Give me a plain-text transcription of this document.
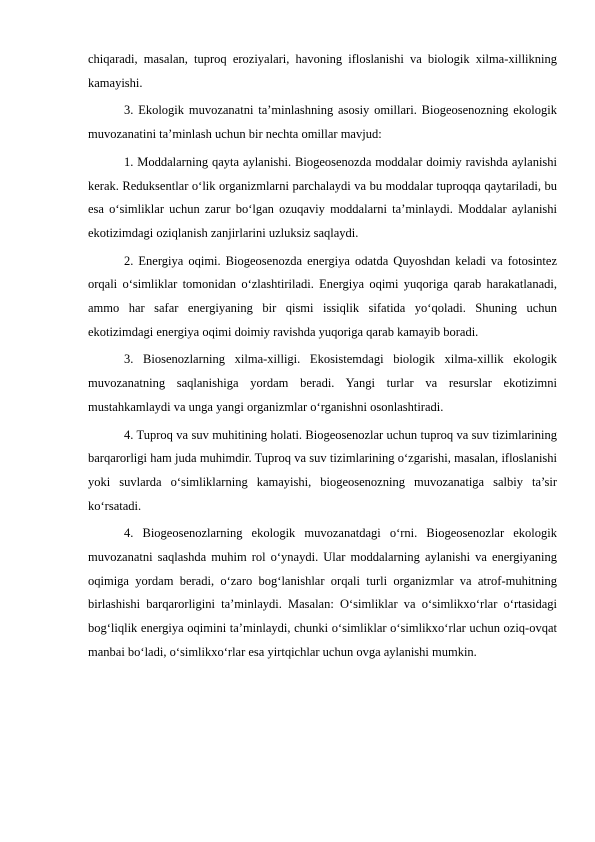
chiqaradi, masalan, tuproq eroziyalari, havoning ifloslanishi va biologik xilma-xillikning kamayishi.

3. Ekologik muvozanatni ta’minlashning asosiy omillari. Biogeosenozning ekologik muvozanatini ta’minlash uchun bir nechta omillar mavjud:

1. Moddalarning qayta aylanishi. Biogeosenozda moddalar doimiy ravishda aylanishi kerak. Reduksentlar o‘lik organizmlarni parchalaydi va bu moddalar tuproqqa qaytariladi, bu esa o‘simliklar uchun zarur bo‘lgan ozuqaviy moddalarni ta’minlaydi. Moddalar aylanishi ekotizimdagi oziqlanish zanjirlarini uzluksiz saqlaydi.

2. Energiya oqimi. Biogeosenozda energiya odatda Quyoshdan keladi va fotosintez orqali o‘simliklar tomonidan o‘zlashtiriladi. Energiya oqimi yuqoriga qarab harakatlanadi, ammo har safar energiyaning bir qismi issiqlik sifatida yo‘qoladi. Shuning uchun ekotizimdagi energiya oqimi doimiy ravishda yuqoriga qarab kamayib boradi.

3. Biosenozlarning xilma-xilligi. Ekosistemdagi biologik xilma-xillik ekologik muvozanatning saqlanishiga yordam beradi. Yangi turlar va resurslar ekotizimni mustahkamlaydi va unga yangi organizmlar o‘rganishni osonlashtiradi.

4. Tuproq va suv muhitining holati. Biogeosenozlar uchun tuproq va suv tizimlarining barqarorligi ham juda muhimdir. Tuproq va suv tizimlarining o‘zgarishi, masalan, ifloslanishi yoki suvlarda o‘simliklarning kamayishi, biogeosenozning muvozanatiga salbiy ta’sir ko‘rsatadi.

4. Biogeosenozlarning ekologik muvozanatdagi o‘rni. Biogeosenozlar ekologik muvozanatni saqlashda muhim rol o‘ynaydi. Ular moddalarning aylanishi va energiyaning oqimiga yordam beradi, o‘zaro bog‘lanishlar orqali turli organizmlar va atrof-muhitning birlashishi barqarorligini ta’minlaydi. Masalan: O‘simliklar va o‘simlikxo‘rlar o‘rtasidagi bog‘liqlik energiya oqimini ta’minlaydi, chunki o‘simliklar o‘simlikxo‘rlar uchun oziq-ovqat manbai bo‘ladi, o‘simlikxo‘rlar esa yirtqichlar uchun ovga aylanishi mumkin.
